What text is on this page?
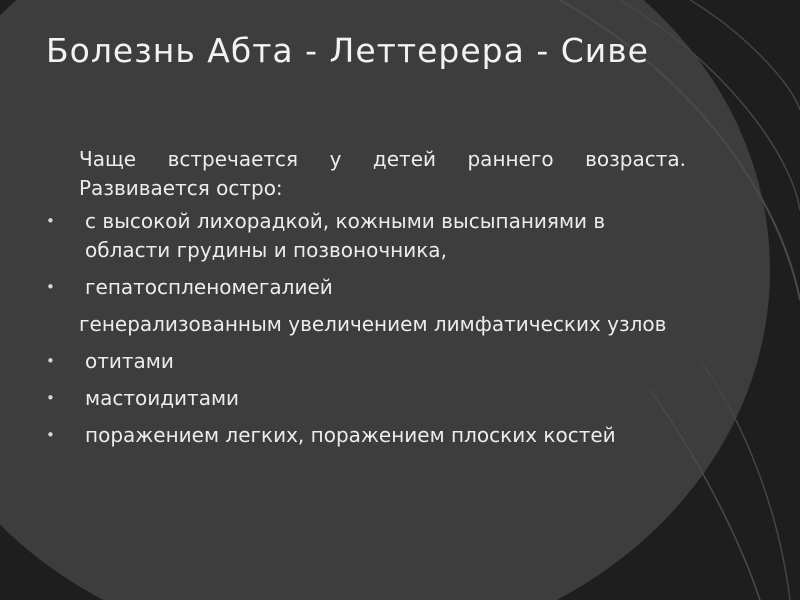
Болезнь Абта - Леттерера - Сиве

Чаще встречается у детей раннего возраста. Развивается остро:

•	с высокой лихорадкой, кожными высыпаниями в области грудины и позвоночника,
•	гепатоспленомегалией
генерализованным увеличением лимфатических узлов
•	отитами
•	мастоидитами
•	поражением легких, поражением плоских костей
